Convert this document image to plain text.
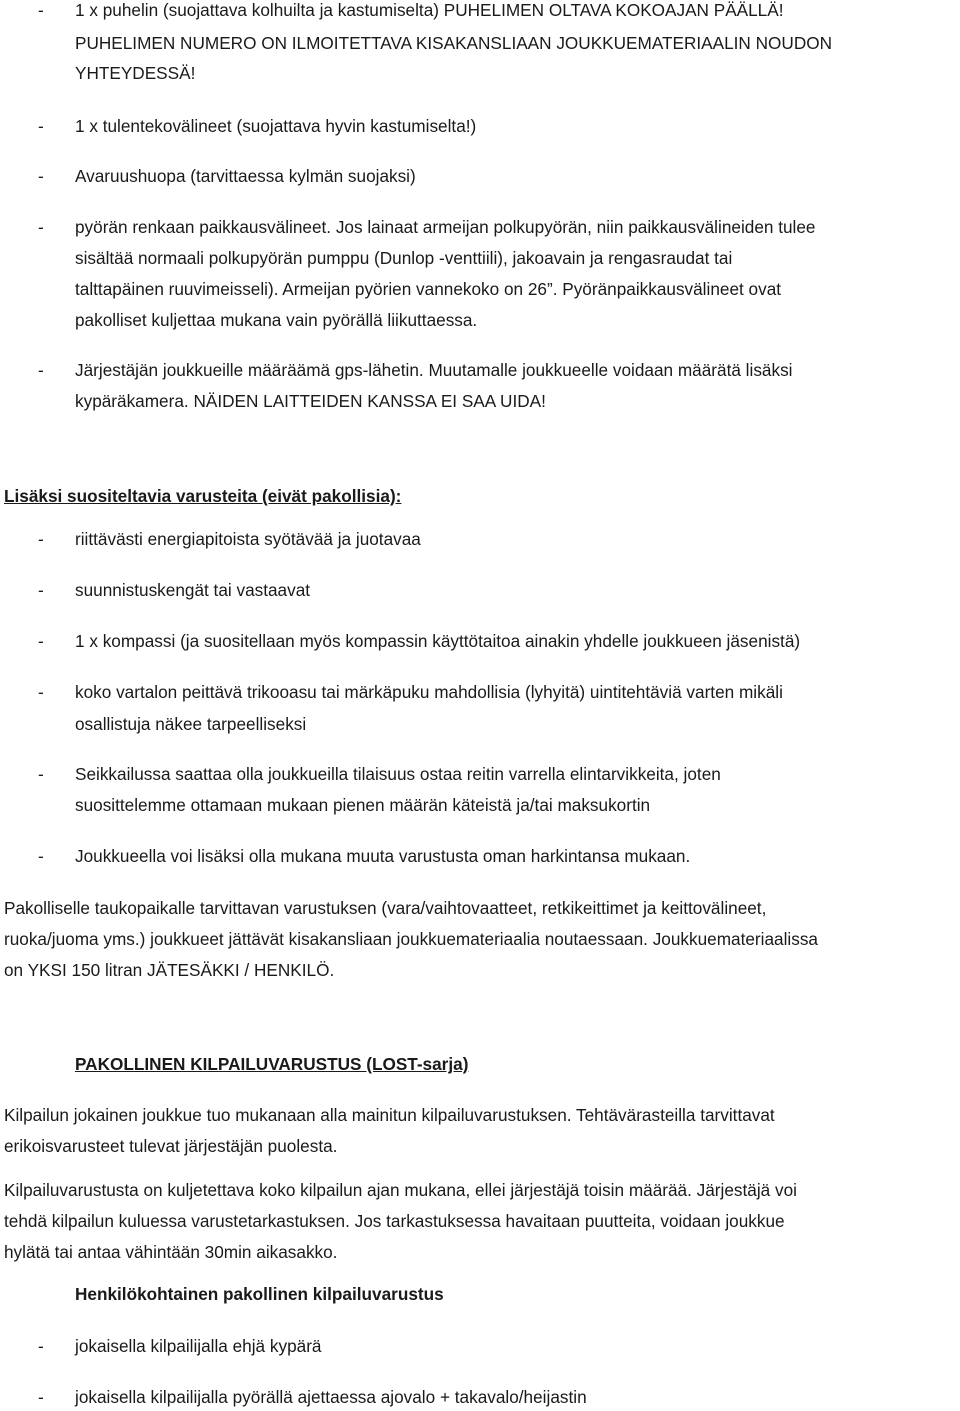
- 1 x puhelin (suojattava kolhuilta ja kastumiselta) PUHELIMEN OLTAVA KOKOAJAN PÄÄLLÄ!
PUHELIMEN NUMERO ON ILMOITETTAVA KISAKANSLIAAN JOUKKUEMATERIAALIN NOUDON
YHTEYDESSÄ!
- 1 x tulentekovälineet (suojattava hyvin kastumiselta!)
- Avaruushuopa (tarvittaessa kylmän suojaksi)
- pyörän renkaan paikkausvälineet. Jos lainaat armeijan polkupyörän, niin paikkausvälineiden tulee
sisältää normaali polkupyörän pumppu (Dunlop -venttiili), jakoavain ja rengasraudat tai
talttapäinen ruuvimeisseli). Armeijan pyörien vannekoko on 26”. Pyöränpaikkausvälineet ovat
pakolliset kuljettaa mukana vain pyörällä liikuttaessa.
- Järjestäjän joukkueille määräämä gps-lähetin. Muutamalle joukkueelle voidaan määrätä lisäksi
kypäräkamera. NÄIDEN LAITTEIDEN KANSSA EI SAA UIDA!
Lisäksi suositeltavia varusteita (eivät pakollisia):
- riittävästi energiapitoista syötävää ja juotavaa
- suunnistuskengät tai vastaavat
- 1 x kompassi (ja suositellaan myös kompassin käyttötaitoa ainakin yhdelle joukkueen jäsenistä)
- koko vartalon peittävä trikooasu tai märkäpuku mahdollisia (lyhyitä) uintitehtäviä varten mikäli
osallistuja näkee tarpeelliseksi
- Seikkailussa saattaa olla joukkueilla tilaisuus ostaa reitin varrella elintarvikkeita, joten
suosittelemme ottamaan mukaan pienen määrän käteistä ja/tai maksukortin
- Joukkueella voi lisäksi olla mukana muuta varustusta oman harkintansa mukaan.
Pakolliselle taukopaikalle tarvittavan varustuksen (vara/vaihtovaatteet, retkikeittimet ja keittovälineet,
ruoka/juoma yms.) joukkueet jättävät kisakansliaan joukkuemateriaalia noutaessaan. Joukkuemateriaalissa
on YKSI 150 litran JÄTESÄKKI / HENKILÖ.
PAKOLLINEN KILPAILUVARUSTUS (LOST-sarja)
Kilpailun jokainen joukkue tuo mukanaan alla mainitun kilpailuvarustuksen. Tehtävärasteilla tarvittavat
erikoisvarusteet tulevat järjestäjän puolesta.
Kilpailuvarustusta on kuljetettava koko kilpailun ajan mukana, ellei järjestäjä toisin määrää. Järjestäjä voi
tehdä kilpailun kuluessa varustetarkastuksen. Jos tarkastuksessa havaitaan puutteita, voidaan joukkue
hylätä tai antaa vähintään 30min aikasakko.
Henkilökohtainen pakollinen kilpailuvarustus
- jokaisella kilpailijalla ehjä kypärä
- jokaisella kilpailijalla pyörällä ajettaessa ajovalo + takavalo/heijastin
